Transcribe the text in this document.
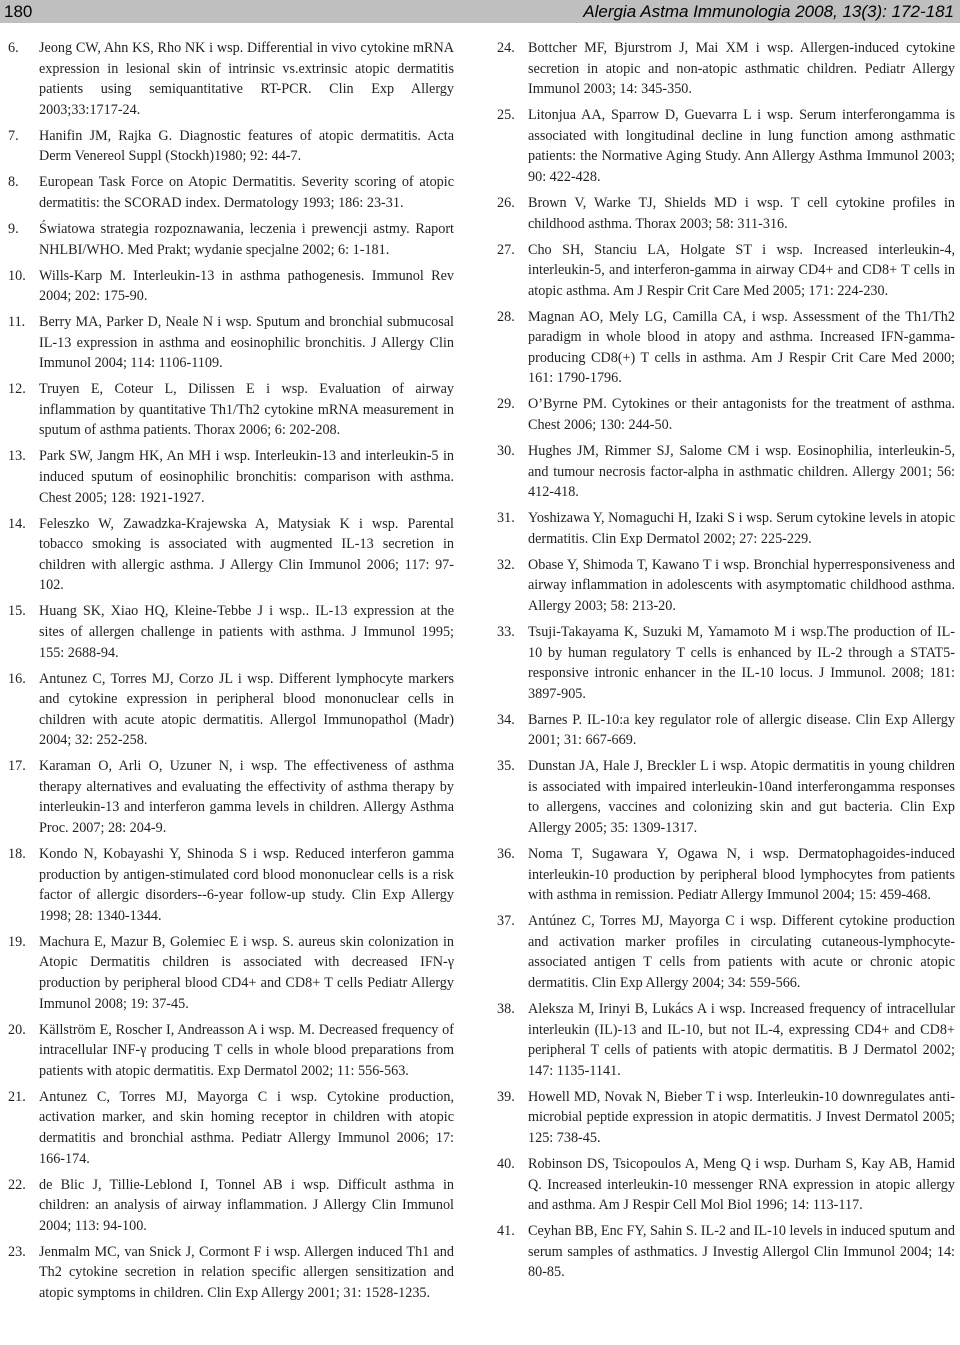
180	Alergia Astma Immunologia 2008, 13(3): 172-181
6. Jeong CW, Ahn KS, Rho NK i wsp. Differential in vivo cytokine mRNA expression in lesional skin of intrinsic vs.extrinsic atopic dermatitis patients using semiquantitative RT-PCR. Clin Exp Allergy 2003;33:1717-24.
7. Hanifin JM, Rajka G. Diagnostic features of atopic dermatitis. Acta Derm Venereol Suppl (Stockh)1980; 92: 44-7.
8. European Task Force on Atopic Dermatitis. Severity scoring of atopic dermatitis: the SCORAD index. Dermatology 1993; 186: 23-31.
9. Światowa strategia rozpoznawania, leczenia i prewencji astmy. Raport NHLBI/WHO. Med Prakt; wydanie specjalne 2002; 6: 1-181.
10. Wills-Karp M. Interleukin-13 in asthma pathogenesis. Immunol Rev 2004; 202: 175-90.
11. Berry MA, Parker D, Neale N i wsp. Sputum and bronchial submucosal IL-13 expression in asthma and eosinophilic bronchitis. J Allergy Clin Immunol 2004; 114: 1106-1109.
12. Truyen E, Coteur L, Dilissen E i wsp. Evaluation of airway inflammation by quantitative Th1/Th2 cytokine mRNA measurement in sputum of asthma patients. Thorax 2006; 6: 202-208.
13. Park SW, Jangm HK, An MH i wsp. Interleukin-13 and interleukin-5 in induced sputum of eosinophilic bronchitis: comparison with asthma. Chest 2005; 128: 1921-1927.
14. Feleszko W, Zawadzka-Krajewska A, Matysiak K i wsp. Parental tobacco smoking is associated with augmented IL-13 secretion in children with allergic asthma. J Allergy Clin Immunol 2006; 117: 97-102.
15. Huang SK, Xiao HQ, Kleine-Tebbe J i wsp.. IL-13 expression at the sites of allergen challenge in patients with asthma. J Immunol 1995; 155: 2688-94.
16. Antunez C, Torres MJ, Corzo JL i wsp. Different lymphocyte markers and cytokine expression in peripheral blood mononuclear cells in children with acute atopic dermatitis. Allergol Immunopathol (Madr) 2004; 32: 252-258.
17. Karaman O, Arli O, Uzuner N, i wsp. The effectiveness of asthma therapy alternatives and evaluating the effectivity of asthma therapy by interleukin-13 and interferon gamma levels in children. Allergy Asthma Proc. 2007; 28: 204-9.
18. Kondo N, Kobayashi Y, Shinoda S i wsp. Reduced interferon gamma production by antigen-stimulated cord blood mononuclear cells is a risk factor of allergic disorders--6-year follow-up study. Clin Exp Allergy 1998; 28: 1340-1344.
19. Machura E, Mazur B, Golemiec E i wsp. S. aureus skin colonization in Atopic Dermatitis children is associated with decreased IFN-γ production by peripheral blood CD4+ and CD8+ T cells Pediatr Allergy Immunol 2008; 19: 37-45.
20. Källström E, Roscher I, Andreasson A i wsp. M. Decreased frequency of intracellular INF-γ producing T cells in whole blood preparations from patients with atopic dermatitis. Exp Dermatol 2002; 11: 556-563.
21. Antunez C, Torres MJ, Mayorga C i wsp. Cytokine production, activation marker, and skin homing receptor in children with atopic dermatitis and bronchial asthma. Pediatr Allergy Immunol 2006; 17: 166-174.
22. de Blic J, Tillie-Leblond I, Tonnel AB i wsp. Difficult asthma in children: an analysis of airway inflammation. J Allergy Clin Immunol 2004; 113: 94-100.
23. Jenmalm MC, van Snick J, Cormont F i wsp. Allergen induced Th1 and Th2 cytokine secretion in relation specific allergen sensitization and atopic symptoms in children. Clin Exp Allergy 2001; 31: 1528-1235.
24. Bottcher MF, Bjurstrom J, Mai XM i wsp. Allergen-induced cytokine secretion in atopic and non-atopic asthmatic children. Pediatr Allergy Immunol 2003; 14: 345-350.
25. Litonjua AA, Sparrow D, Guevarra L i wsp. Serum interferongamma is associated with longitudinal decline in lung function among asthmatic patients: the Normative Aging Study. Ann Allergy Asthma Immunol 2003; 90: 422-428.
26. Brown V, Warke TJ, Shields MD i wsp. T cell cytokine profiles in childhood asthma. Thorax 2003; 58: 311-316.
27. Cho SH, Stanciu LA, Holgate ST i wsp. Increased interleukin-4, interleukin-5, and interferon-gamma in airway CD4+ and CD8+ T cells in atopic asthma. Am J Respir Crit Care Med 2005; 171: 224-230.
28. Magnan AO, Mely LG, Camilla CA, i wsp. Assessment of the Th1/Th2 paradigm in whole blood in atopy and asthma. Increased IFN-gamma-producing CD8(+) T cells in asthma. Am J Respir Crit Care Med 2000; 161: 1790-1796.
29. O’Byrne PM. Cytokines or their antagonists for the treatment of asthma. Chest 2006; 130: 244-50.
30. Hughes JM, Rimmer SJ, Salome CM i wsp. Eosinophilia, interleukin-5, and tumour necrosis factor-alpha in asthmatic children. Allergy 2001; 56: 412-418.
31. Yoshizawa Y, Nomaguchi H, Izaki S i wsp. Serum cytokine levels in atopic dermatitis. Clin Exp Dermatol 2002; 27: 225-229.
32. Obase Y, Shimoda T, Kawano T i wsp. Bronchial hyperresponsiveness and airway inflammation in adolescents with asymptomatic childhood asthma. Allergy 2003; 58: 213-20.
33. Tsuji-Takayama K, Suzuki M, Yamamoto M i wsp.The production of IL-10 by human regulatory T cells is enhanced by IL-2 through a STAT5-responsive intronic enhancer in the IL-10 locus. J Immunol. 2008; 181: 3897-905.
34. Barnes P. IL-10:a key regulator role of allergic disease. Clin Exp Allergy 2001; 31: 667-669.
35. Dunstan JA, Hale J, Breckler L i wsp. Atopic dermatitis in young children is associated with impaired interleukin-10and interferongamma responses to allergens, vaccines and colonizing skin and gut bacteria. Clin Exp Allergy 2005; 35: 1309-1317.
36. Noma T, Sugawara Y, Ogawa N, i wsp. Dermatophagoides-induced interleukin-10 production by peripheral blood lymphocytes from patients with asthma in remission. Pediatr Allergy Immunol 2004; 15: 459-468.
37. Antúnez C, Torres MJ, Mayorga C i wsp. Different cytokine production and activation marker profiles in circulating cutaneous-lymphocyte-associated antigen T cells from patients with acute or chronic atopic dermatitis. Clin Exp Allergy 2004; 34: 559-566.
38. Aleksza M, Irinyi B, Lukács A i wsp. Increased frequency of intracellular interleukin (IL)-13 and IL-10, but not IL-4, expressing CD4+ and CD8+ peripheral T cells of patients with atopic dermatitis. B J Dermatol 2002; 147: 1135-1141.
39. Howell MD, Novak N, Bieber T i wsp. Interleukin-10 downregulates anti-microbial peptide expression in atopic dermatitis. J Invest Dermatol 2005; 125: 738-45.
40. Robinson DS, Tsicopoulos A, Meng Q i wsp. Durham S, Kay AB, Hamid Q. Increased interleukin-10 messenger RNA expression in atopic allergy and asthma. Am J Respir Cell Mol Biol 1996; 14: 113-117.
41. Ceyhan BB, Enc FY, Sahin S. IL-2 and IL-10 levels in induced sputum and serum samples of asthmatics. J Investig Allergol Clin Immunol 2004; 14: 80-85.
